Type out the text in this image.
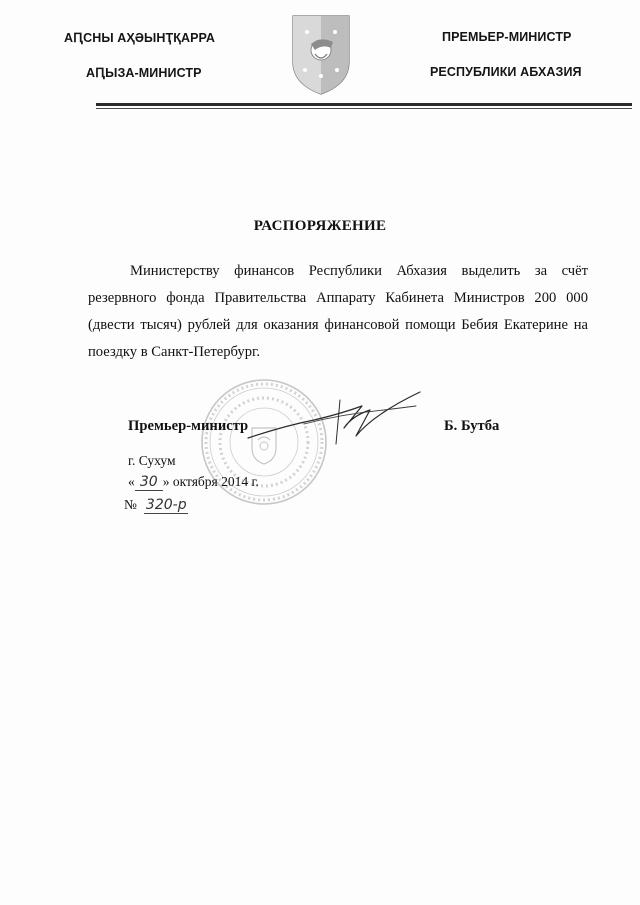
АԤСНЫ АҲӘЫНҬҚАРРА
АԤЫЗА-МИНИСТР
ПРЕМЬЕР-МИНИСТР
РЕСПУБЛИКИ АБХАЗИЯ
РАСПОРЯЖЕНИЕ
Министерству финансов Республики Абхазия выделить за счёт резервного фонда Правительства Аппарату Кабинета Министров 200 000 (двести тысяч) рублей для оказания финансовой помощи Бебия Екатерине на поездку в Санкт-Петербург.
Премьер-министр	Б. Бутба
г. Сухум
« 30 » октября 2014 г.
№ 320-р
